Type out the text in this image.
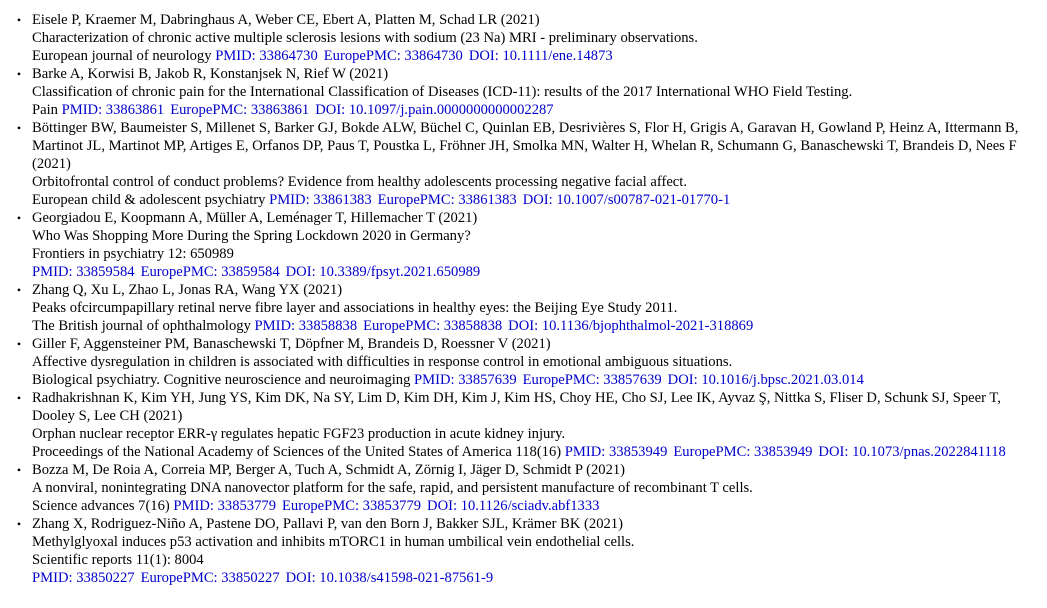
• Eisele P, Kraemer M, Dabringhaus A, Weber CE, Ebert A, Platten M, Schad LR (2021)
Characterization of chronic active multiple sclerosis lesions with sodium (23 Na) MRI - preliminary observations.
European journal of neurology PMID: 33864730 EuropePMC: 33864730 DOI: 10.1111/ene.14873
• Barke A, Korwisi B, Jakob R, Konstanjsek N, Rief W (2021)
Classification of chronic pain for the International Classification of Diseases (ICD-11): results of the 2017 International WHO Field Testing.
Pain PMID: 33863861 EuropePMC: 33863861 DOI: 10.1097/j.pain.0000000000002287
• Böttinger BW, Baumeister S, Millenet S, Barker GJ, Bokde ALW, Büchel C, Quinlan EB, Desrivières S, Flor H, Grigis A, Garavan H, Gowland P, Heinz A, Ittermann B, Martinot JL, Martinot MP, Artiges E, Orfanos DP, Paus T, Poustka L, Fröhner JH, Smolka MN, Walter H, Whelan R, Schumann G, Banaschewski T, Brandeis D, Nees F (2021)
Orbitofrontal control of conduct problems? Evidence from healthy adolescents processing negative facial affect.
European child & adolescent psychiatry PMID: 33861383 EuropePMC: 33861383 DOI: 10.1007/s00787-021-01770-1
• Georgiadou E, Koopmann A, Müller A, Leménager T, Hillemacher T (2021)
Who Was Shopping More During the Spring Lockdown 2020 in Germany?
Frontiers in psychiatry 12: 650989
PMID: 33859584 EuropePMC: 33859584 DOI: 10.3389/fpsyt.2021.650989
• Zhang Q, Xu L, Zhao L, Jonas RA, Wang YX (2021)
Peaks ofcircumpapillary retinal nerve fibre layer and associations in healthy eyes: the Beijing Eye Study 2011.
The British journal of ophthalmology PMID: 33858838 EuropePMC: 33858838 DOI: 10.1136/bjophthalmol-2021-318869
• Giller F, Aggensteiner PM, Banaschewski T, Döpfner M, Brandeis D, Roessner V (2021)
Affective dysregulation in children is associated with difficulties in response control in emotional ambiguous situations.
Biological psychiatry. Cognitive neuroscience and neuroimaging PMID: 33857639 EuropePMC: 33857639 DOI: 10.1016/j.bpsc.2021.03.014
• Radhakrishnan K, Kim YH, Jung YS, Kim DK, Na SY, Lim D, Kim DH, Kim J, Kim HS, Choy HE, Cho SJ, Lee IK, Ayvaz Ş, Nittka S, Fliser D, Schunk SJ, Speer T, Dooley S, Lee CH (2021)
Orphan nuclear receptor ERR-γ regulates hepatic FGF23 production in acute kidney injury.
Proceedings of the National Academy of Sciences of the United States of America 118(16) PMID: 33853949 EuropePMC: 33853949 DOI: 10.1073/pnas.2022841118
• Bozza M, De Roia A, Correia MP, Berger A, Tuch A, Schmidt A, Zörnig I, Jäger D, Schmidt P (2021)
A nonviral, nonintegrating DNA nanovector platform for the safe, rapid, and persistent manufacture of recombinant T cells.
Science advances 7(16) PMID: 33853779 EuropePMC: 33853779 DOI: 10.1126/sciadv.abf1333
• Zhang X, Rodriguez-Niño A, Pastene DO, Pallavi P, van den Born J, Bakker SJL, Krämer BK (2021)
Methylglyoxal induces p53 activation and inhibits mTORC1 in human umbilical vein endothelial cells.
Scientific reports 11(1): 8004
PMID: 33850227 EuropePMC: 33850227 DOI: 10.1038/s41598-021-87561-9
